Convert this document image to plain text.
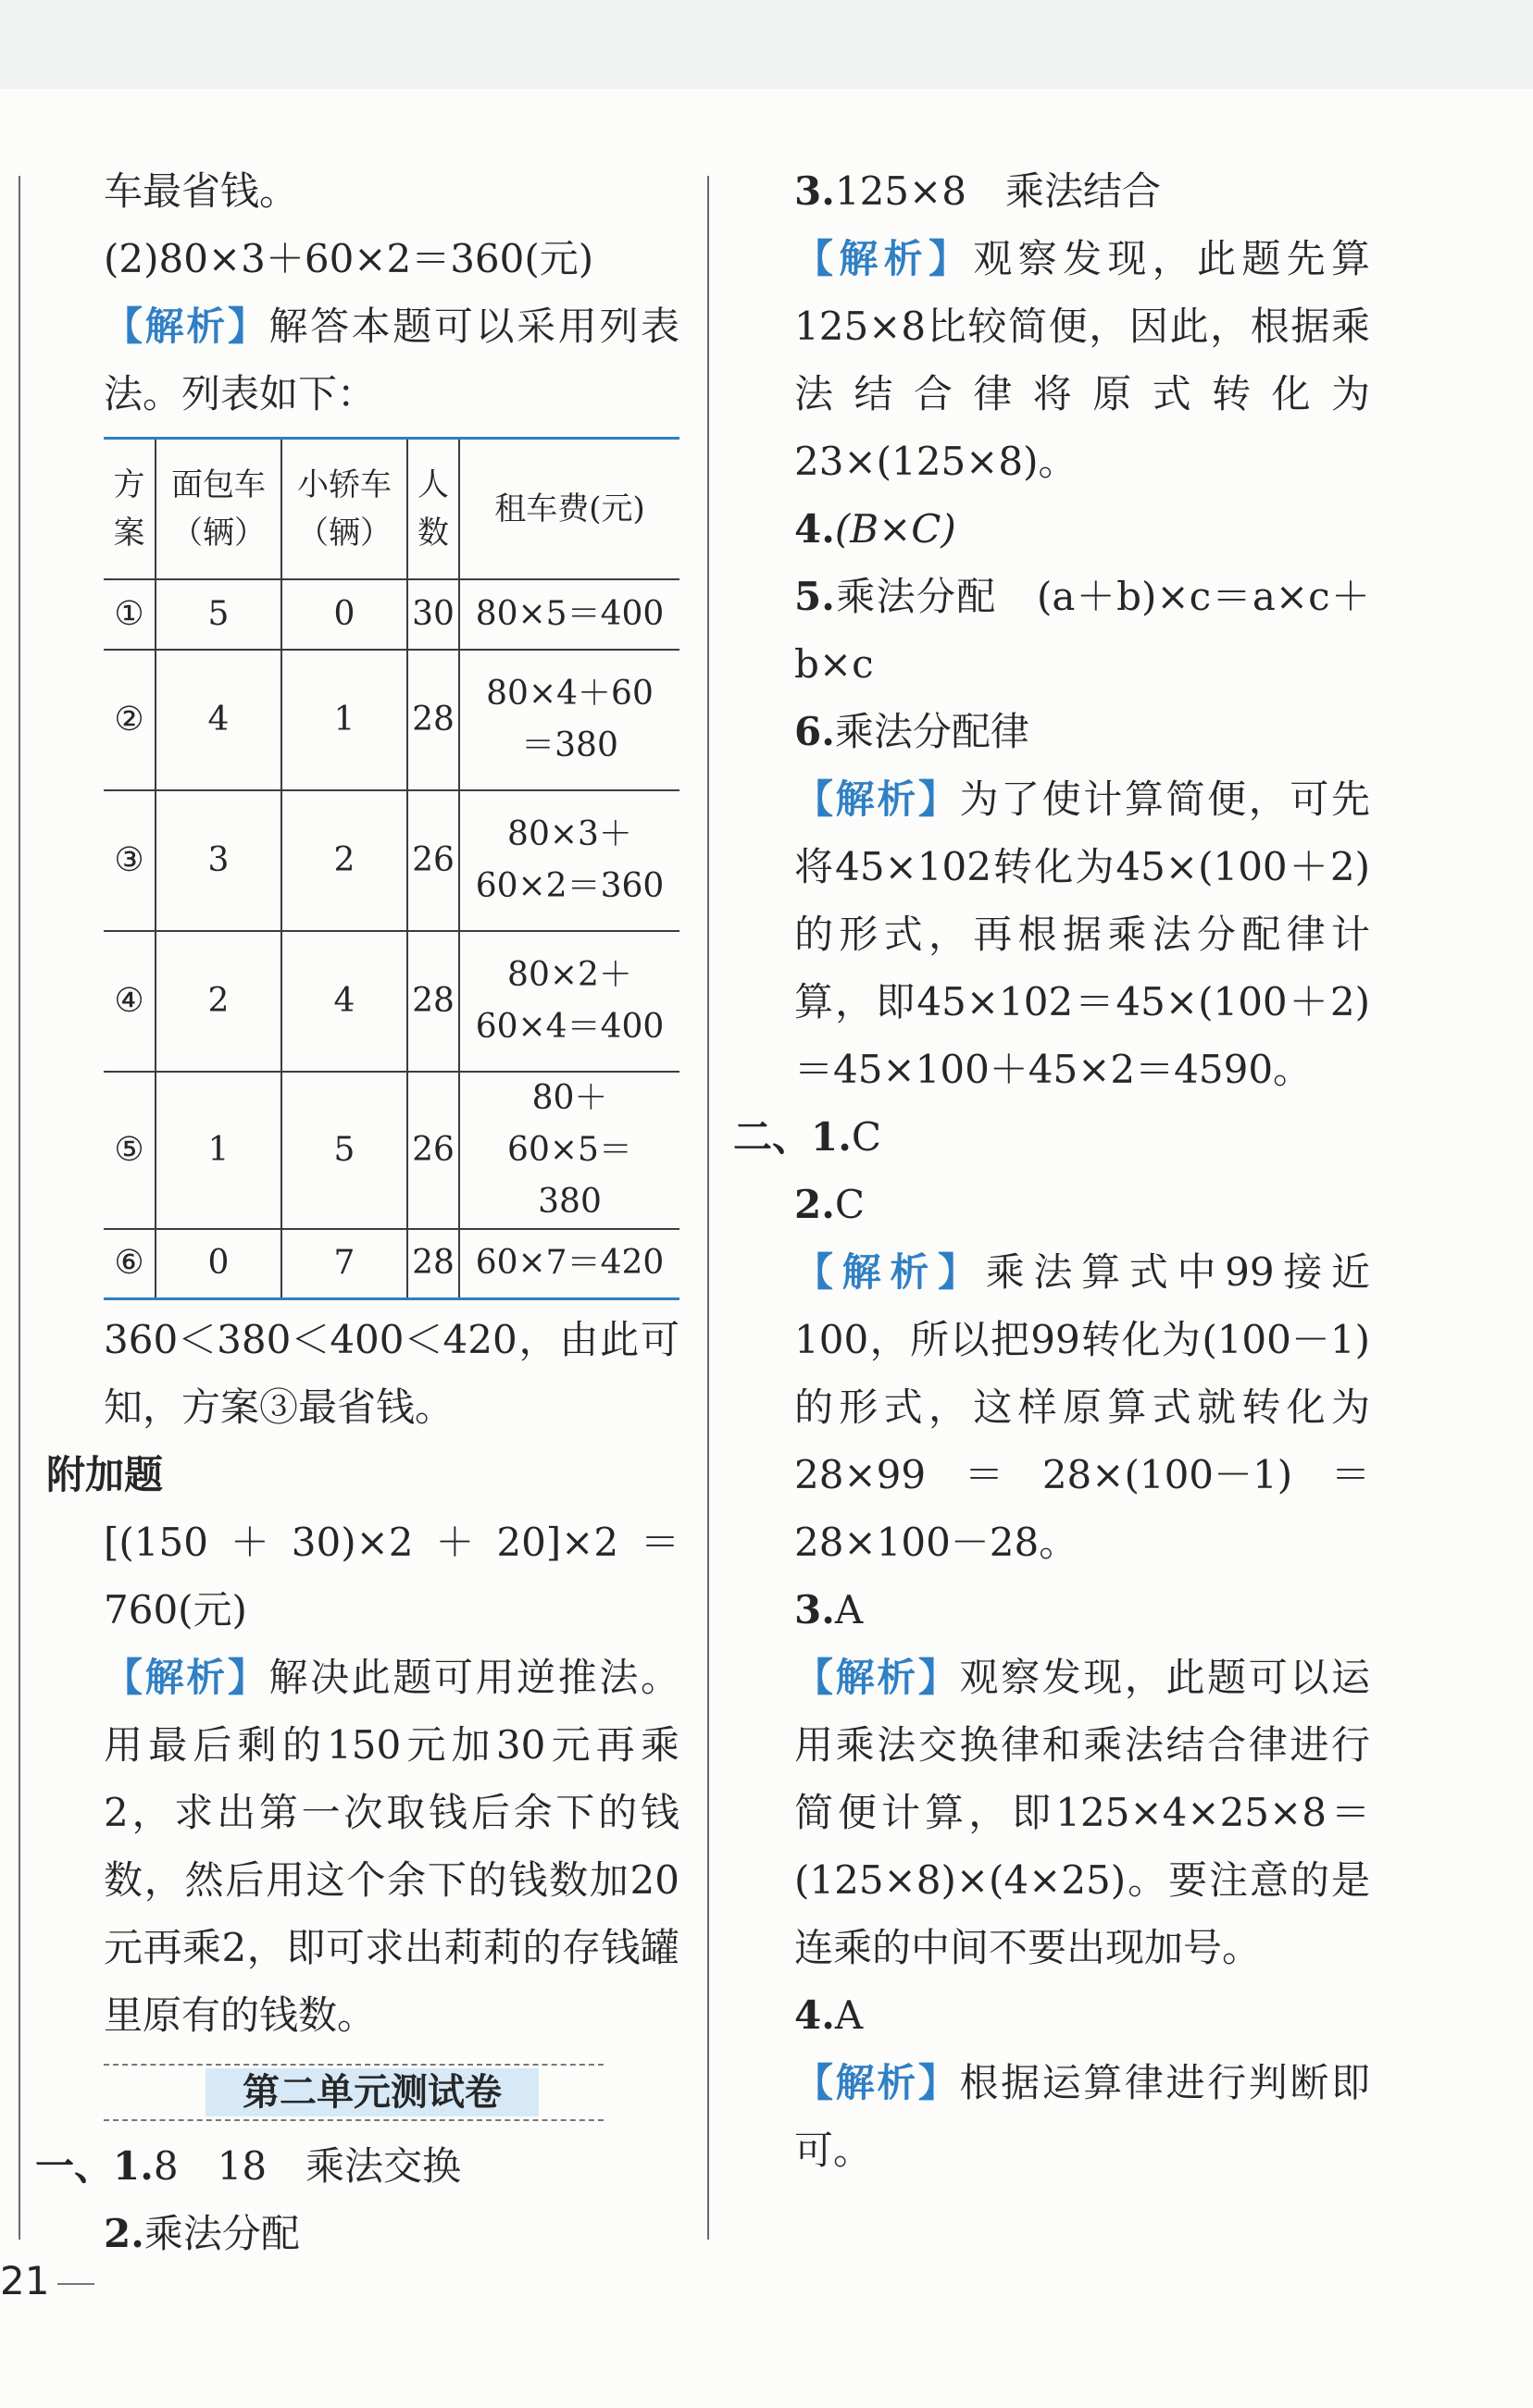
车最省钱。

(2)80×3＋60×2＝360(元)

【解析】解答本题可以采用列表法。列表如下：

方案	面包车（辆）	小轿车（辆）	人数	租车费(元)
①	5	0	30	80×5＝400
②	4	1	28	80×4＋60＝380

③	3	2	26	80×3＋60×2＝360

④	2	4	28	80×2＋60×4＝400

⑤	1	5	26	80＋60×5＝380

⑥	0	7	28	60×7＝420

360＜380＜400＜420，由此可知，方案③最省钱。

附加题

[(150＋30)×2＋20]×2＝760(元)

【解析】解决此题可用逆推法。用最后剩的150元加30元再乘2，求出第一次取钱后余下的钱数，然后用这个余下的钱数加20元再乘2，即可求出莉莉的存钱罐里原有的钱数。

第二单元测试卷

一、1.8　18　乘法交换

2.乘法分配

3.125×8　乘法结合

【解析】观察发现，此题先算125×8比较简便，因此，根据乘法结合律将原式转化为23×(125×8)。

4.(B×C)

5.乘法分配　(a＋b)×c＝a×c＋b×c

6.乘法分配律

【解析】为了使计算简便，可先将45×102转化为45×(100＋2)的形式，再根据乘法分配律计算，即45×102＝45×(100＋2)＝45×100＋45×2＝4590。

二、1.C

2.C

【解析】乘法算式中99接近100，所以把99转化为(100－1)的形式，这样原算式就转化为28×99＝28×(100－1)＝28×100－28。

3.A

【解析】观察发现，此题可以运用乘法交换律和乘法结合律进行简便计算，即125×4×25×8＝(125×8)×(4×25)。要注意的是连乘的中间不要出现加号。

4.A

【解析】根据运算律进行判断即可。

21
